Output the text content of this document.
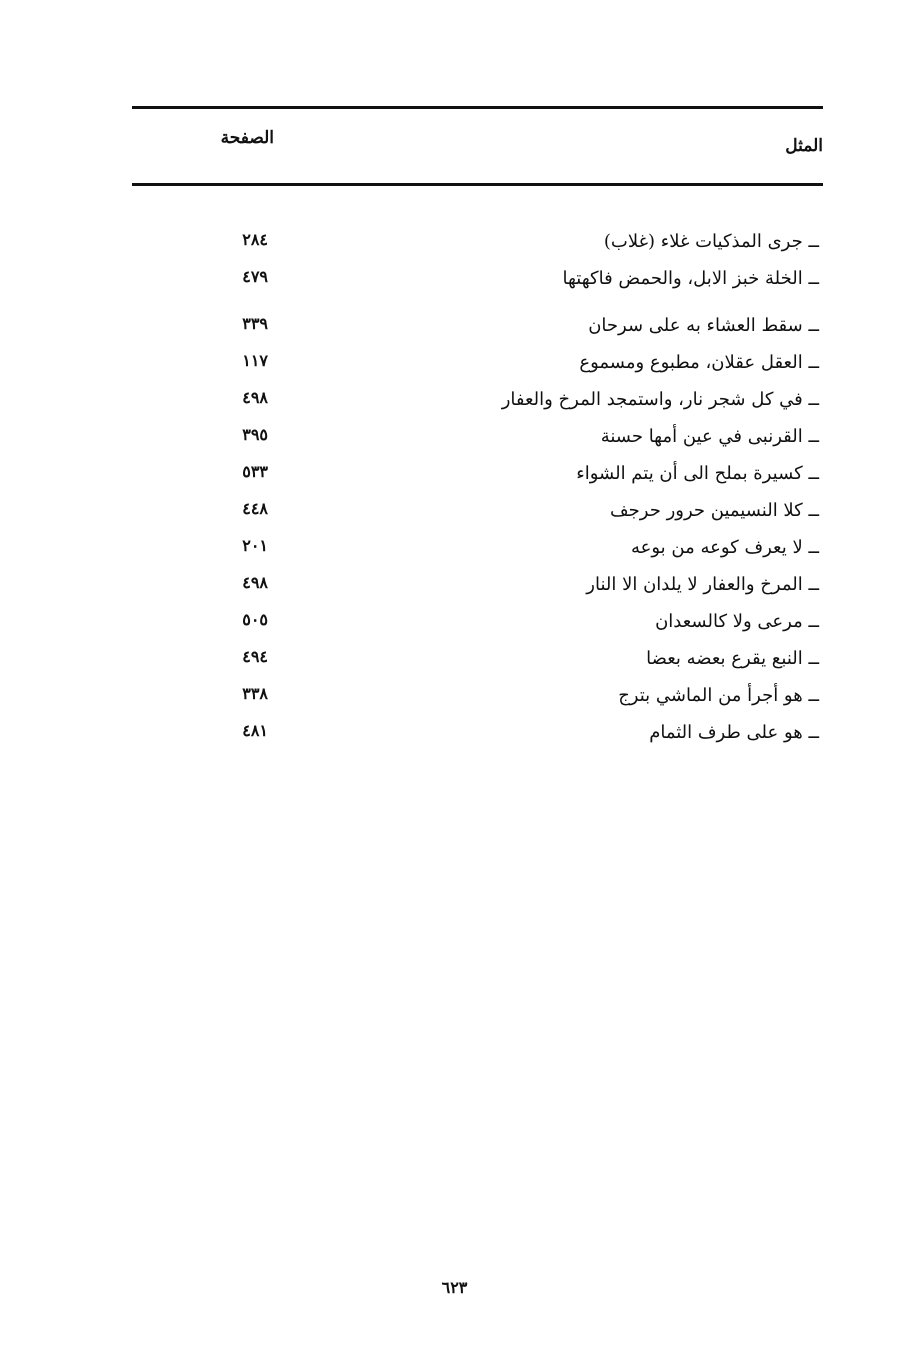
المثل
الصفحة
ــ جرى المذكيات غلاء (غلاب)
٢٨٤
ــ الخلة خبز الابل، والحمض فاكهتها
٤٧٩
ــ سقط العشاء به على سرحان
٣٣٩
ــ العقل عقلان، مطبوع ومسموع
١١٧
ــ في كل شجر نار، واستمجد المرخ والعفار
٤٩٨
ــ القرنبى في عين أمها حسنة
٣٩٥
ــ كسيرة بملح الى أن يتم الشواء
٥٣٣
ــ كلا النسيمين حرور حرجف
٤٤٨
ــ لا يعرف كوعه من بوعه
٢٠١
ــ المرخ والعفار لا يلدان الا النار
٤٩٨
ــ مرعى ولا كالسعدان
٥٠٥
ــ النبع يقرع بعضه بعضا
٤٩٤
ــ هو أجرأ من الماشي بترج
٣٣٨
ــ هو على طرف الثمام
٤٨١
٦٢٣
